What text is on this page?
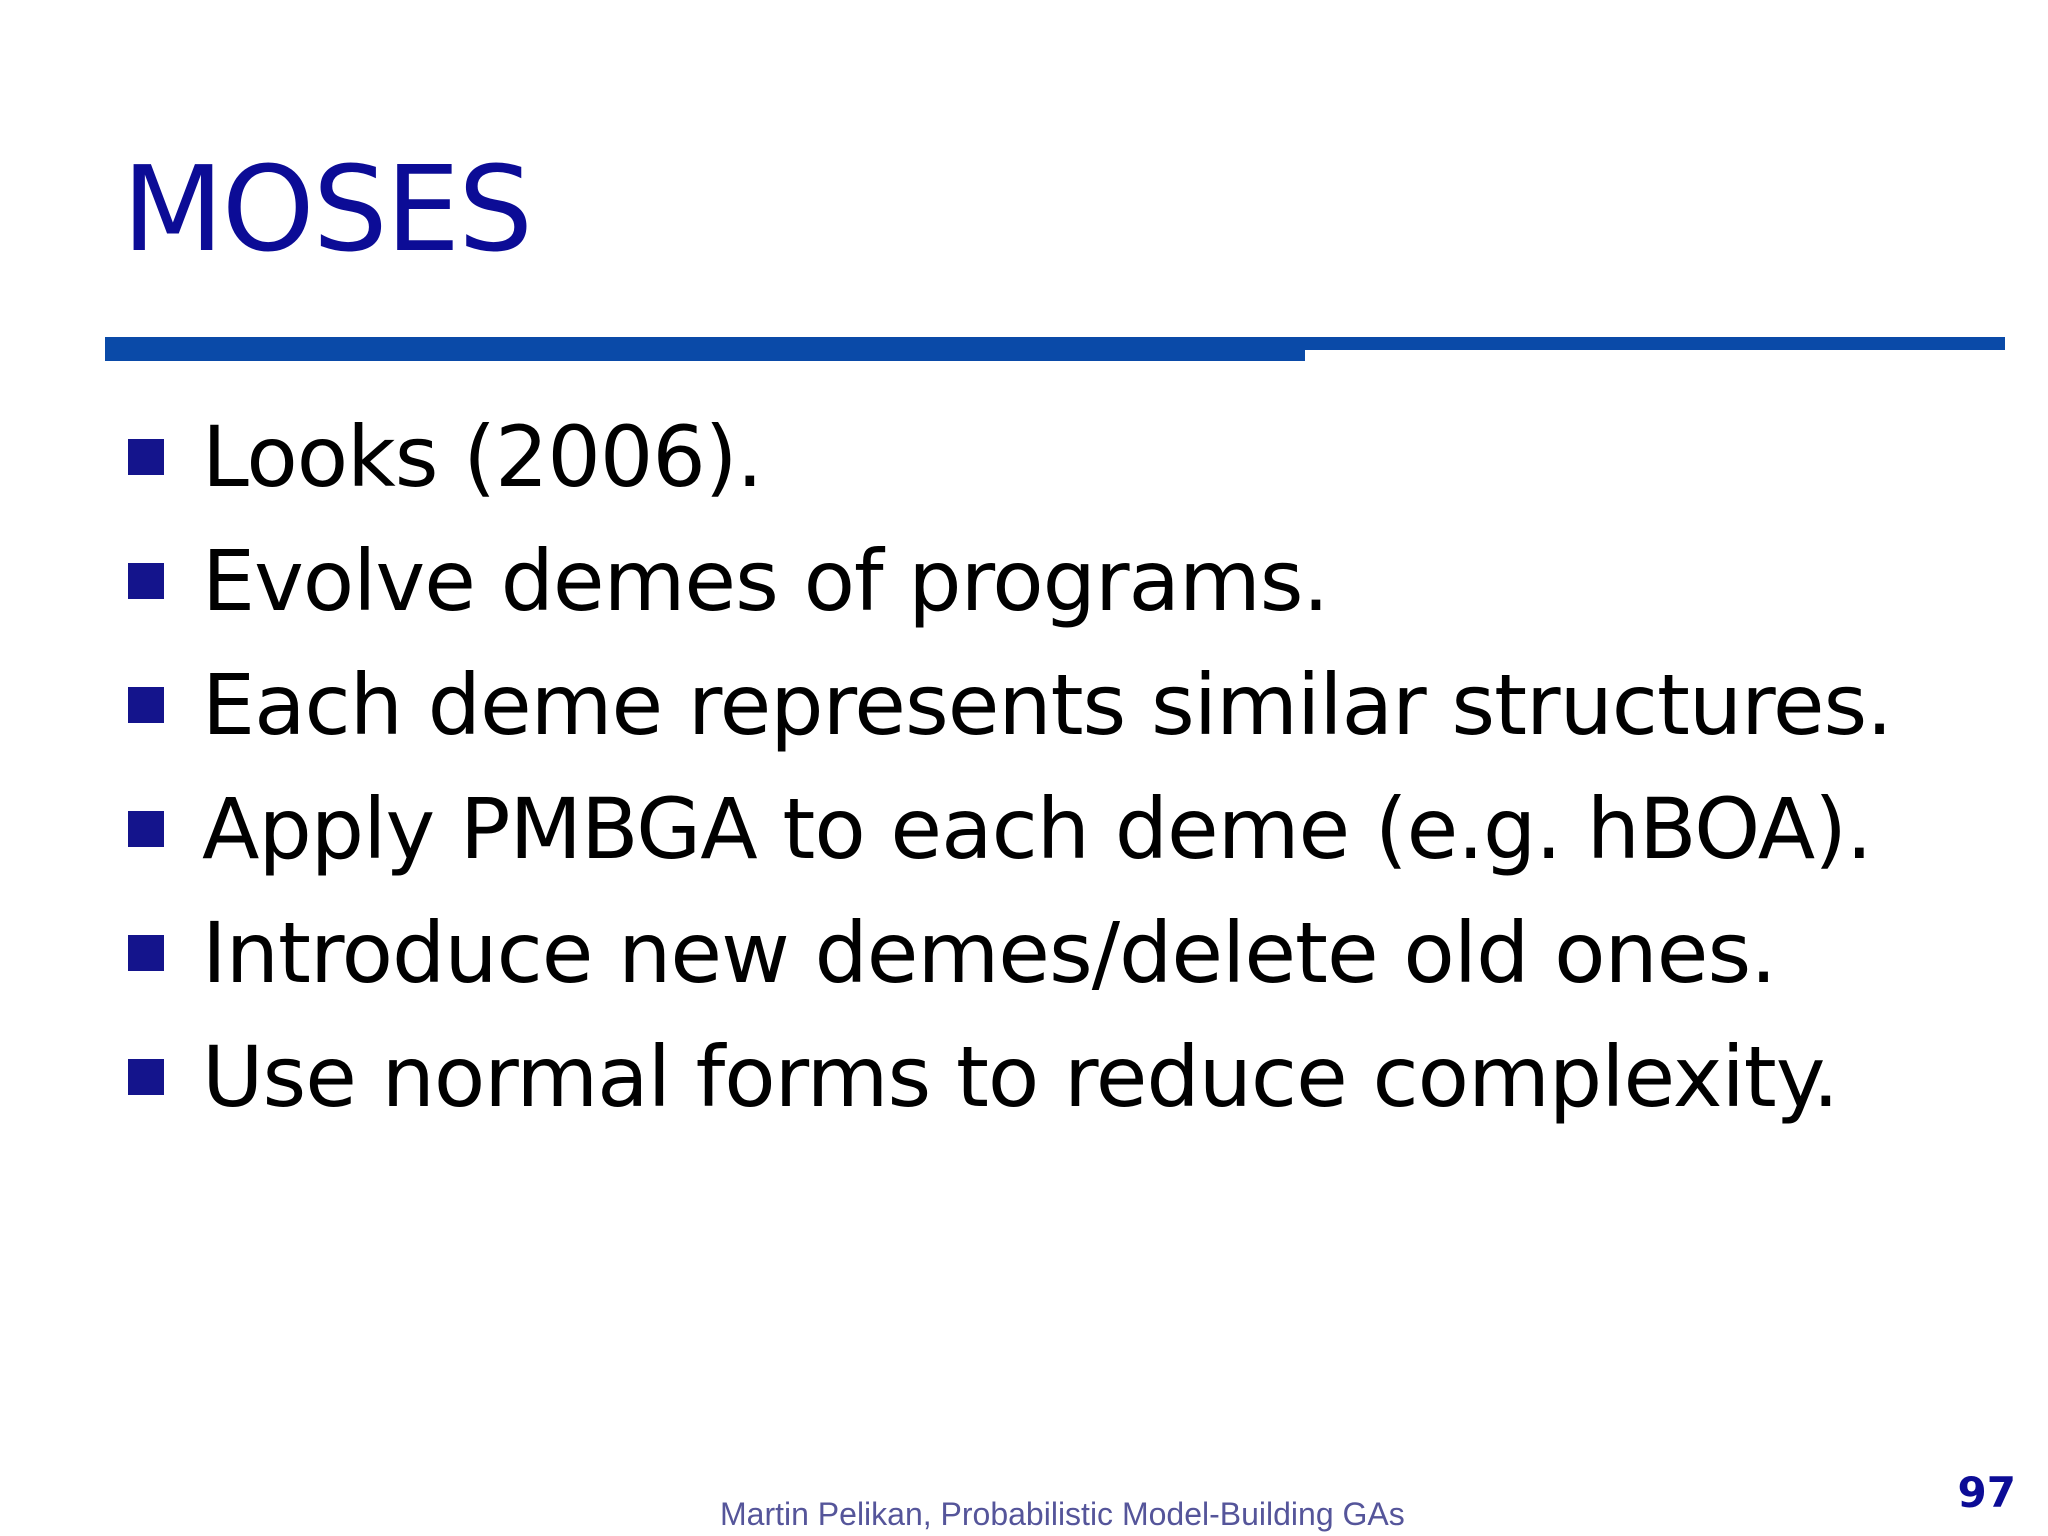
MOSES
Looks (2006).
Evolve demes of programs.
Each deme represents similar structures.
Apply PMBGA to each deme (e.g. hBOA).
Introduce new demes/delete old ones.
Use normal forms to reduce complexity.
Martin Pelikan, Probabilistic Model-Building GAs	97
